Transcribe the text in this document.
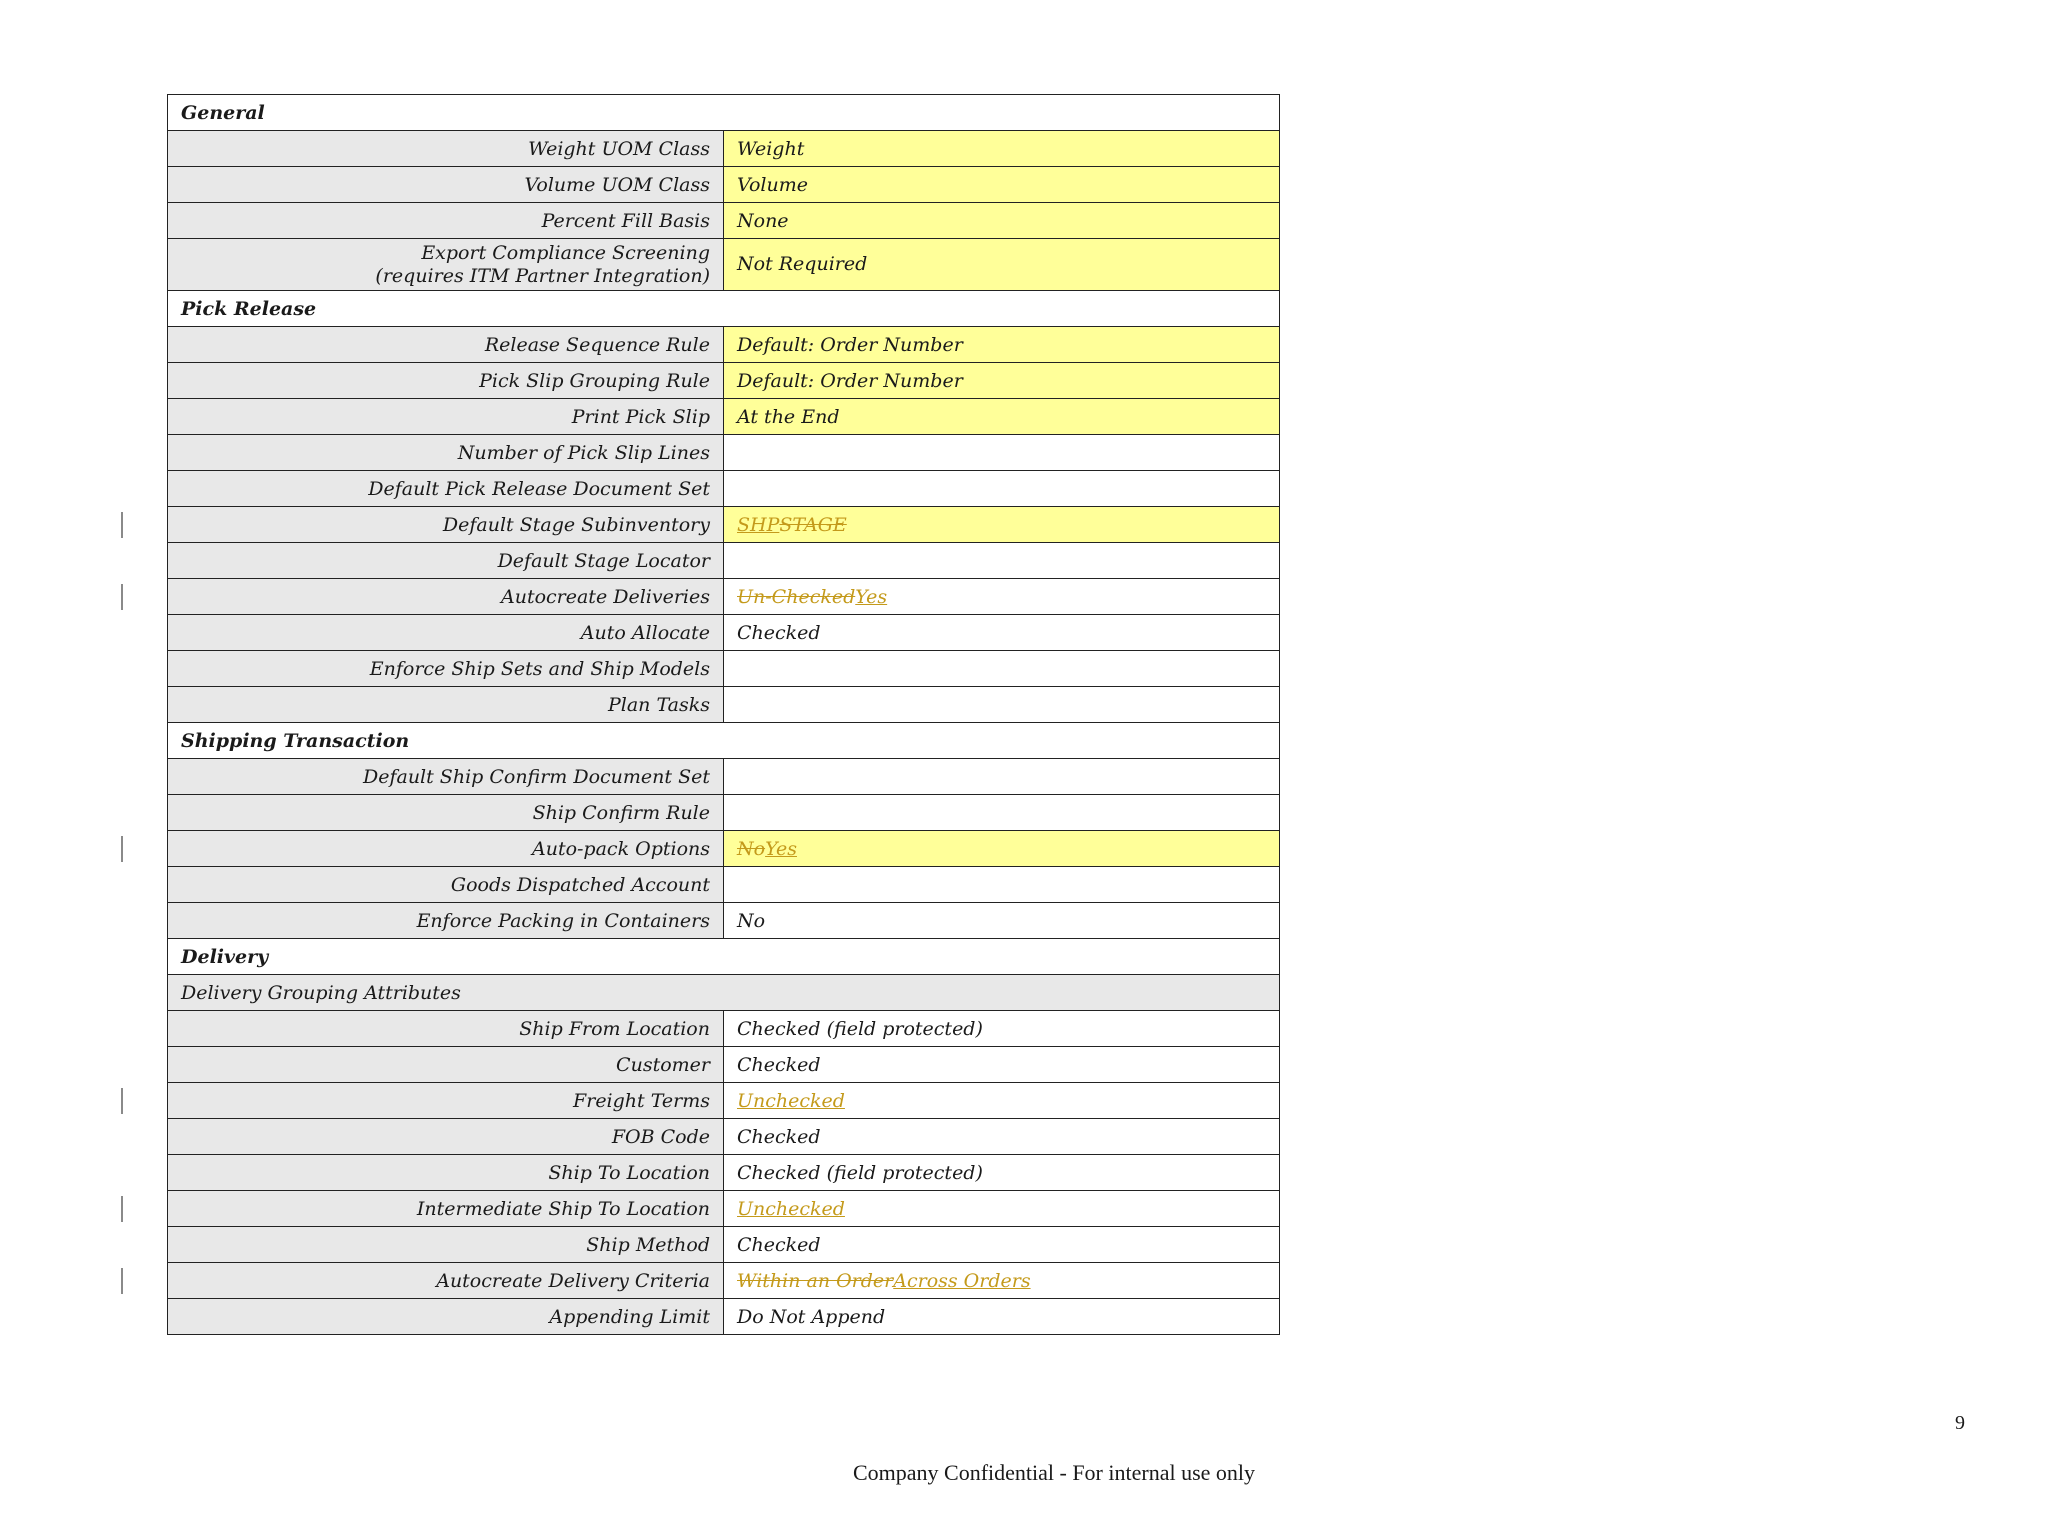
General	
Weight UOM Class	Weight
Volume UOM Class	Volume
Percent Fill Basis	None

Export Compliance Screening
(requires ITM Partner Integration)	Not Required
Pick Release	
Release Sequence Rule	Default: Order Number
Pick Slip Grouping Rule	Default: Order Number
Print Pick Slip	At the End
Number of Pick Slip Lines	
Default Pick Release Document Set	
Default Stage Subinventory	SHPSTAGE
Default Stage Locator	
Autocreate Deliveries	Un-CheckedYes
Auto Allocate	Checked
Enforce Ship Sets and Ship Models	
Plan Tasks	
Shipping Transaction	
Default Ship Confirm Document Set	
Ship Confirm Rule	
Auto-pack Options	NoYes
Goods Dispatched Account	
Enforce Packing in Containers	No
Delivery	
Delivery Grouping Attributes	
Ship From Location	Checked (field protected)
Customer	Checked
Freight Terms	Unchecked
FOB Code	Checked
Ship To Location	Checked (field protected)
Intermediate Ship To Location	Unchecked
Ship Method	Checked
Autocreate Delivery Criteria	Within an OrderAcross Orders
Appending Limit	Do Not Append
9
Company Confidential - For internal use only
